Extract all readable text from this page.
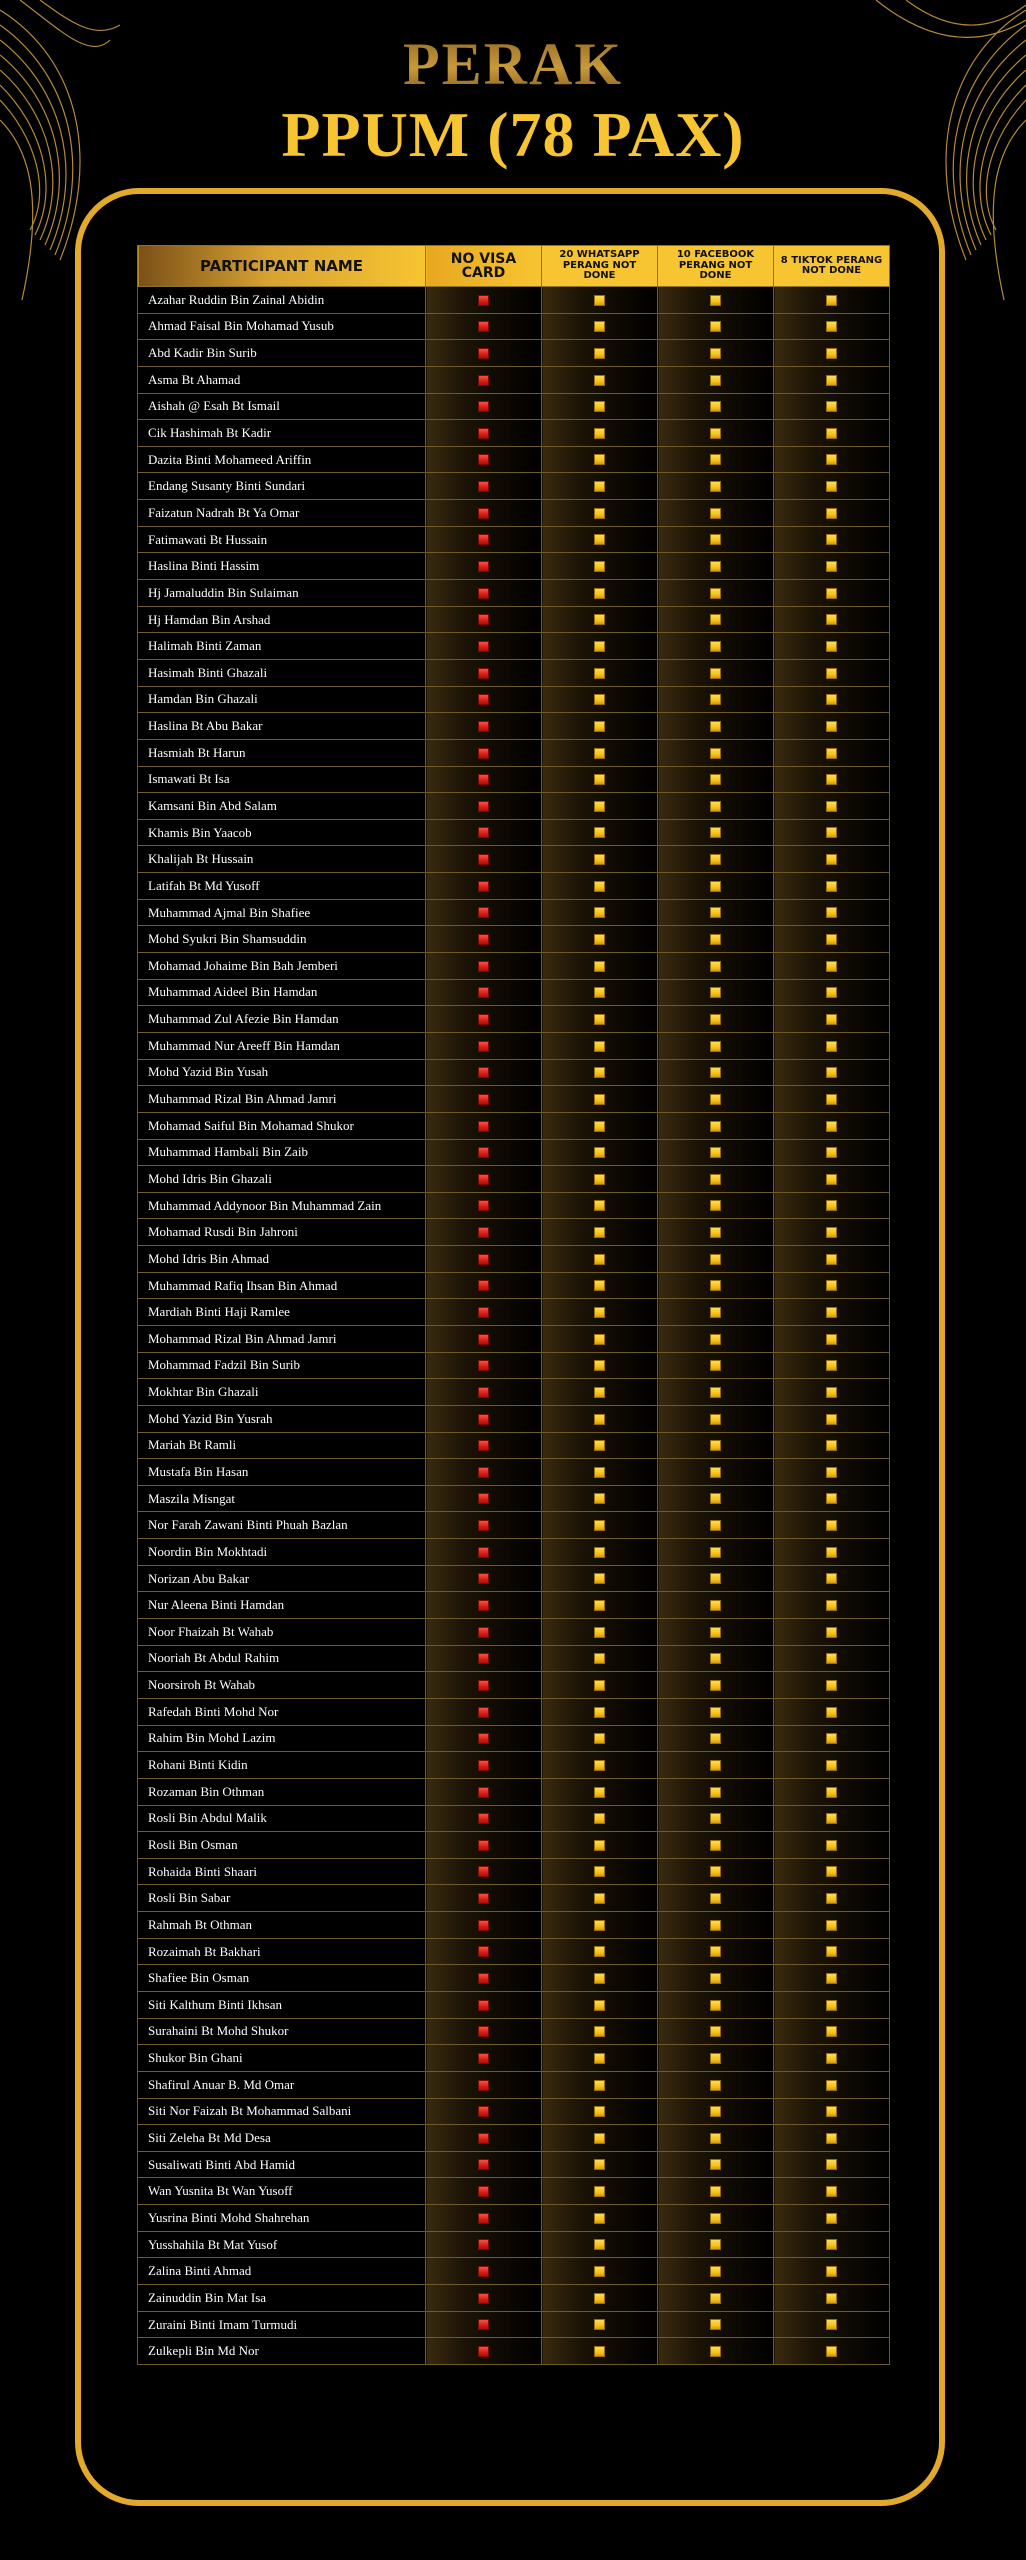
PERAK
PPUM (78 PAX)
PARTICIPANT NAME	NO VISA CARD	20 WHATSAPP PERANG NOT DONE	10 FACEBOOK PERANG NOT DONE	8 TIKTOK PERANG NOT DONE
Azahar Ruddin Bin Zainal Abidin				
Ahmad Faisal Bin Mohamad Yusub				
Abd Kadir Bin Surib				
Asma Bt Ahamad				
Aishah @ Esah Bt Ismail				
Cik Hashimah Bt Kadir				
Dazita Binti Mohameed Ariffin				
Endang Susanty Binti Sundari				
Faizatun Nadrah Bt Ya Omar				
Fatimawati Bt Hussain				
Haslina Binti Hassim				
Hj Jamaluddin Bin Sulaiman				
Hj Hamdan Bin Arshad				
Halimah Binti Zaman				
Hasimah Binti Ghazali				
Hamdan Bin Ghazali				
Haslina Bt Abu Bakar				
Hasmiah Bt Harun				
Ismawati Bt Isa				
Kamsani Bin Abd Salam				
Khamis Bin Yaacob				
Khalijah Bt Hussain				
Latifah Bt Md Yusoff				
Muhammad Ajmal Bin Shafiee				
Mohd Syukri Bin Shamsuddin				
Mohamad Johaime Bin Bah Jemberi				
Muhammad Aideel Bin Hamdan				
Muhammad Zul Afezie Bin Hamdan				
Muhammad Nur Areeff Bin Hamdan				
Mohd Yazid Bin Yusah				
Muhammad Rizal Bin Ahmad Jamri				
Mohamad Saiful Bin Mohamad Shukor				
Muhammad Hambali Bin Zaib				
Mohd Idris Bin Ghazali				
Muhammad Addynoor Bin Muhammad Zain				
Mohamad Rusdi Bin Jahroni				
Mohd Idris Bin Ahmad				
Muhammad Rafiq Ihsan Bin Ahmad				
Mardiah Binti Haji Ramlee				
Mohammad Rizal Bin Ahmad Jamri				
Mohammad Fadzil Bin Surib				
Mokhtar Bin Ghazali				
Mohd Yazid Bin Yusrah				
Mariah Bt Ramli				
Mustafa Bin Hasan				
Maszila Misngat				
Nor Farah Zawani Binti Phuah Bazlan				
Noordin Bin Mokhtadi				
Norizan Abu Bakar				
Nur Aleena Binti Hamdan				
Noor Fhaizah Bt Wahab				
Nooriah Bt Abdul Rahim				
Noorsiroh Bt Wahab				
Rafedah Binti Mohd Nor				
Rahim Bin Mohd Lazim				
Rohani Binti Kidin				
Rozaman Bin Othman				
Rosli Bin Abdul Malik				
Rosli Bin Osman				
Rohaida Binti Shaari				
Rosli Bin Sabar				
Rahmah Bt Othman				
Rozaimah Bt Bakhari				
Shafiee Bin Osman				
Siti Kalthum Binti Ikhsan				
Surahaini Bt Mohd Shukor				
Shukor Bin Ghani				
Shafirul Anuar B. Md Omar				
Siti Nor Faizah Bt Mohammad Salbani				
Siti Zeleha Bt Md Desa				
Susaliwati Binti Abd Hamid				
Wan Yusnita Bt Wan Yusoff				
Yusrina Binti Mohd Shahrehan				
Yusshahila Bt Mat Yusof				
Zalina Binti Ahmad				
Zainuddin Bin Mat Isa				
Zuraini Binti Imam Turmudi				
Zulkepli Bin Md Nor				
